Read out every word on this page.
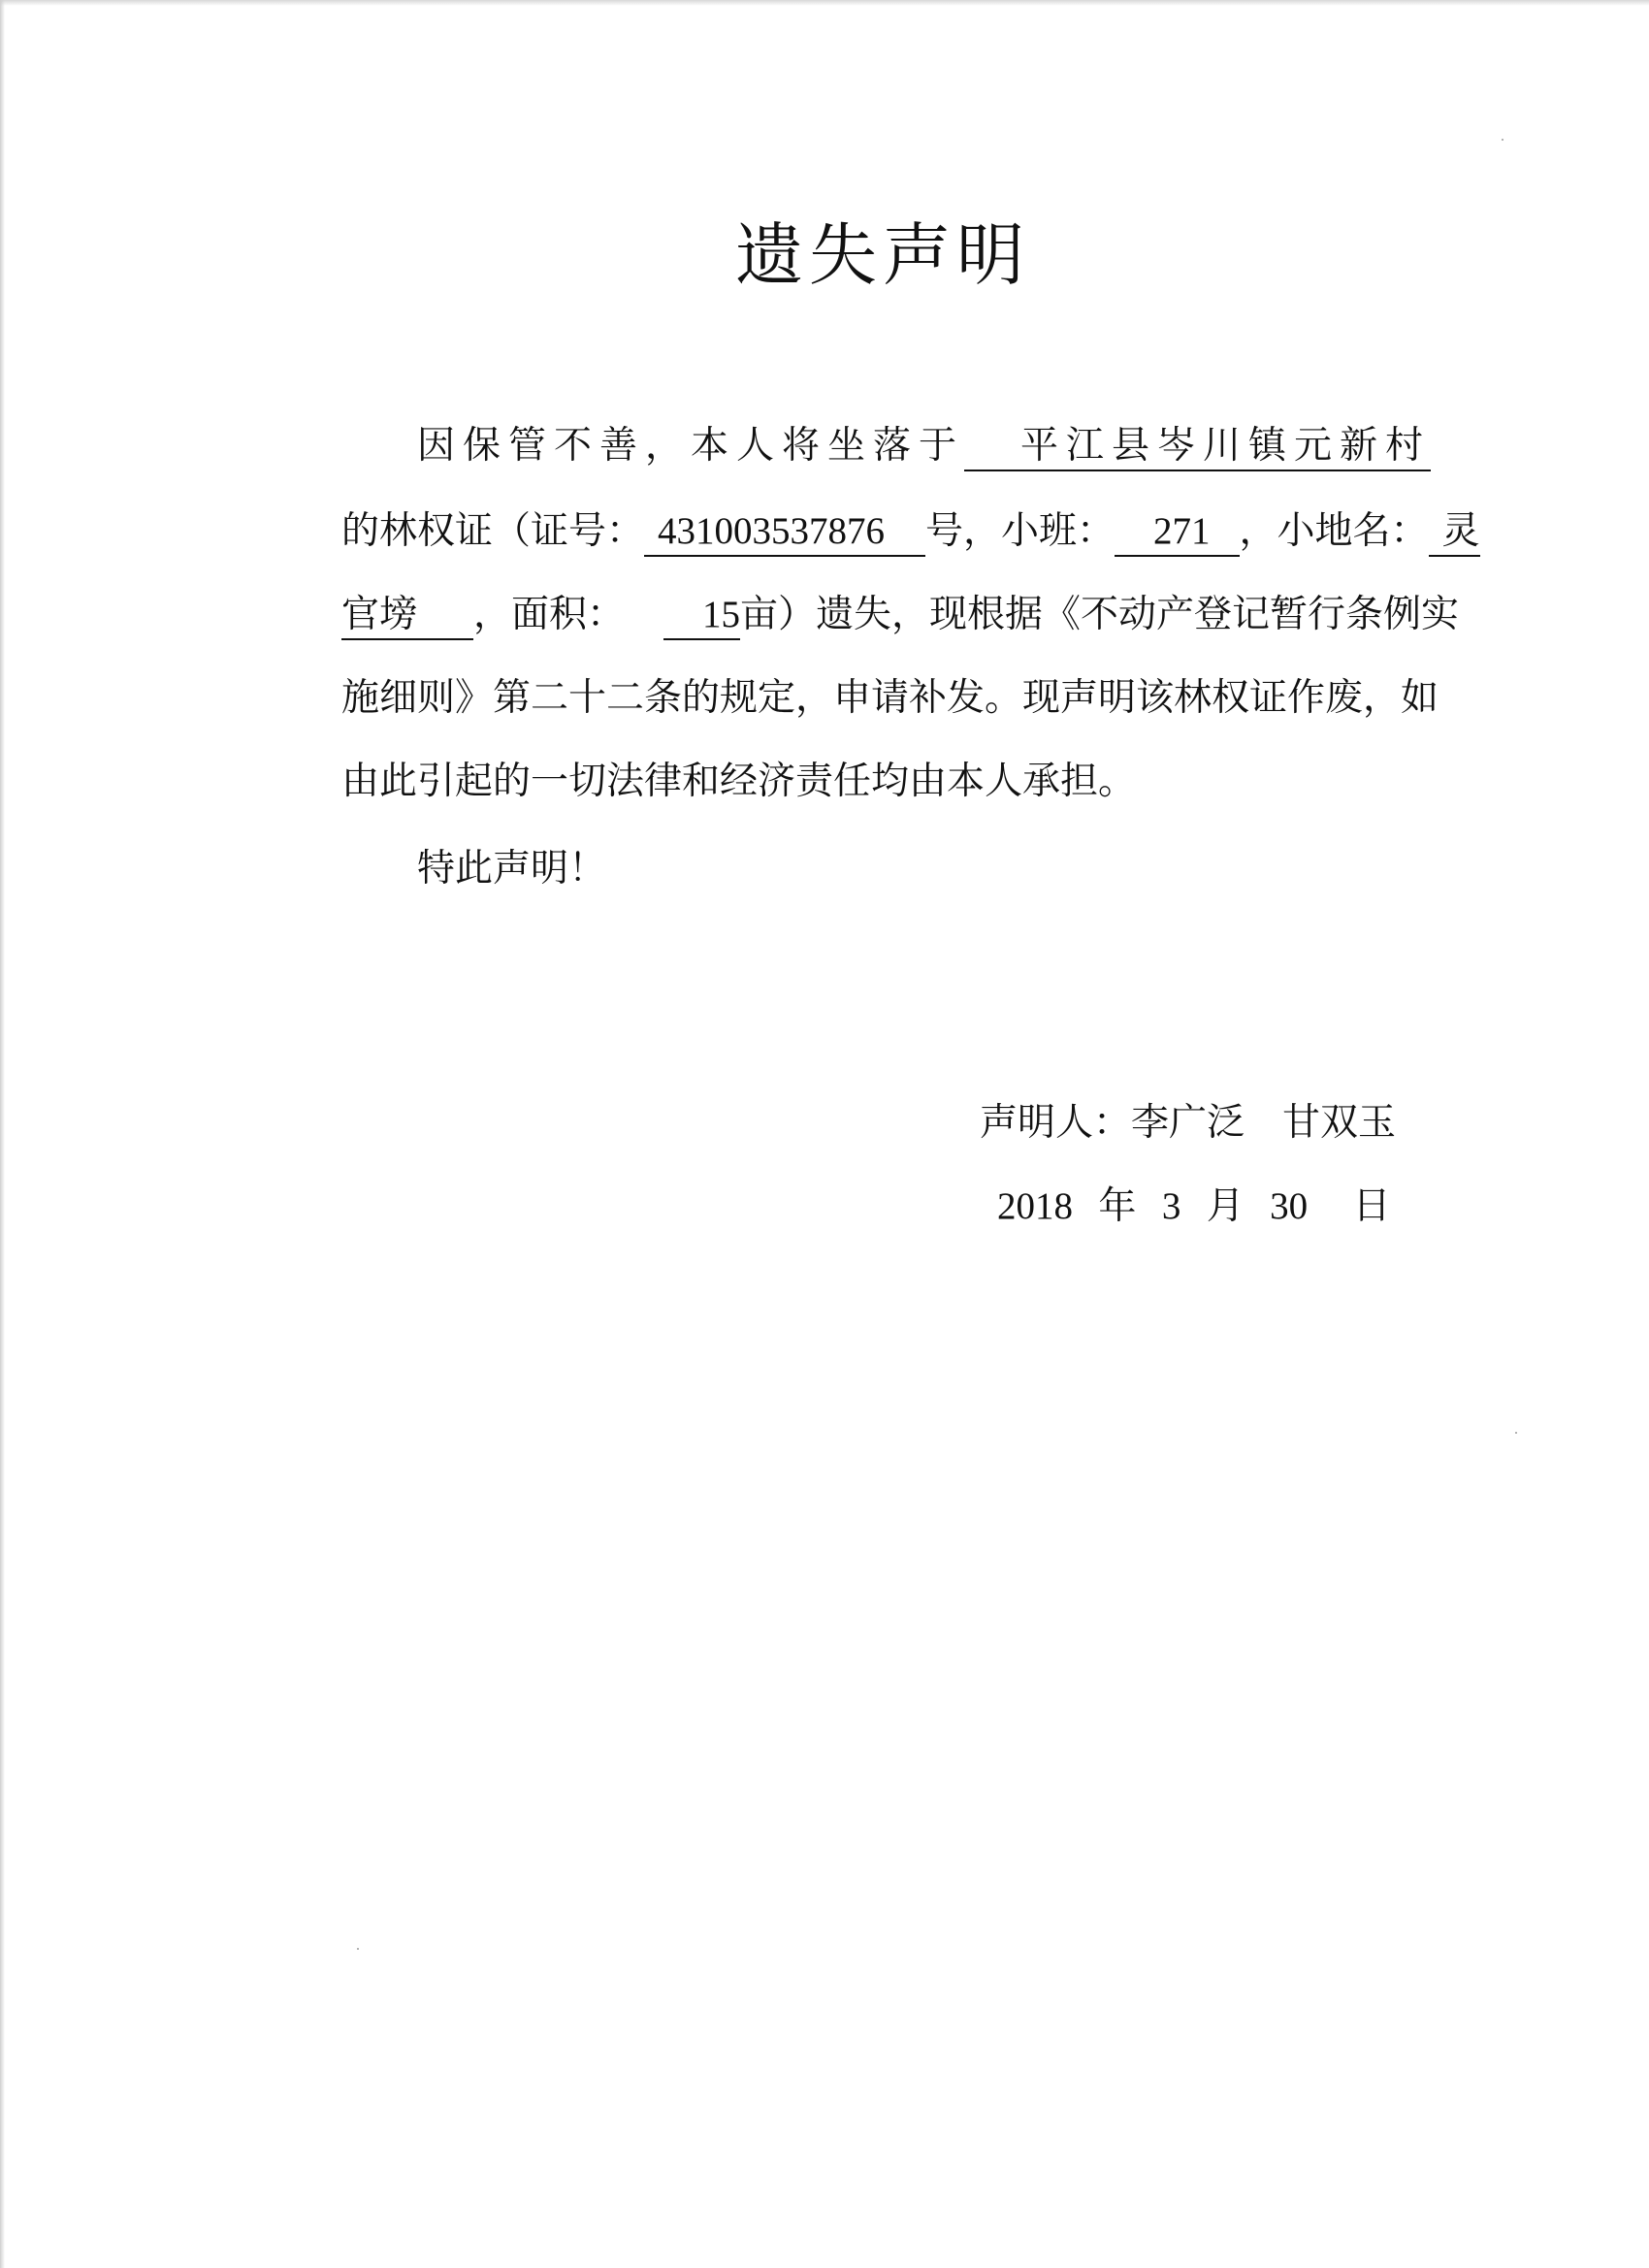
遗失声明
因保管不善，本人将坐落于 平江县岑川镇元新村
的林权证（证号： 431003537876 号，小班： 271 ，小地名： 灵
官塝 ，面积： 15亩）遗失，现根据《不动产登记暂行条例实
施细则》第二十二条的规定，申请补发。现声明该林权证作废，如
由此引起的一切法律和经济责任均由本人承担。
特此声明！
声明人：李广泛　甘双玉
2018 年 3 月 30 日
